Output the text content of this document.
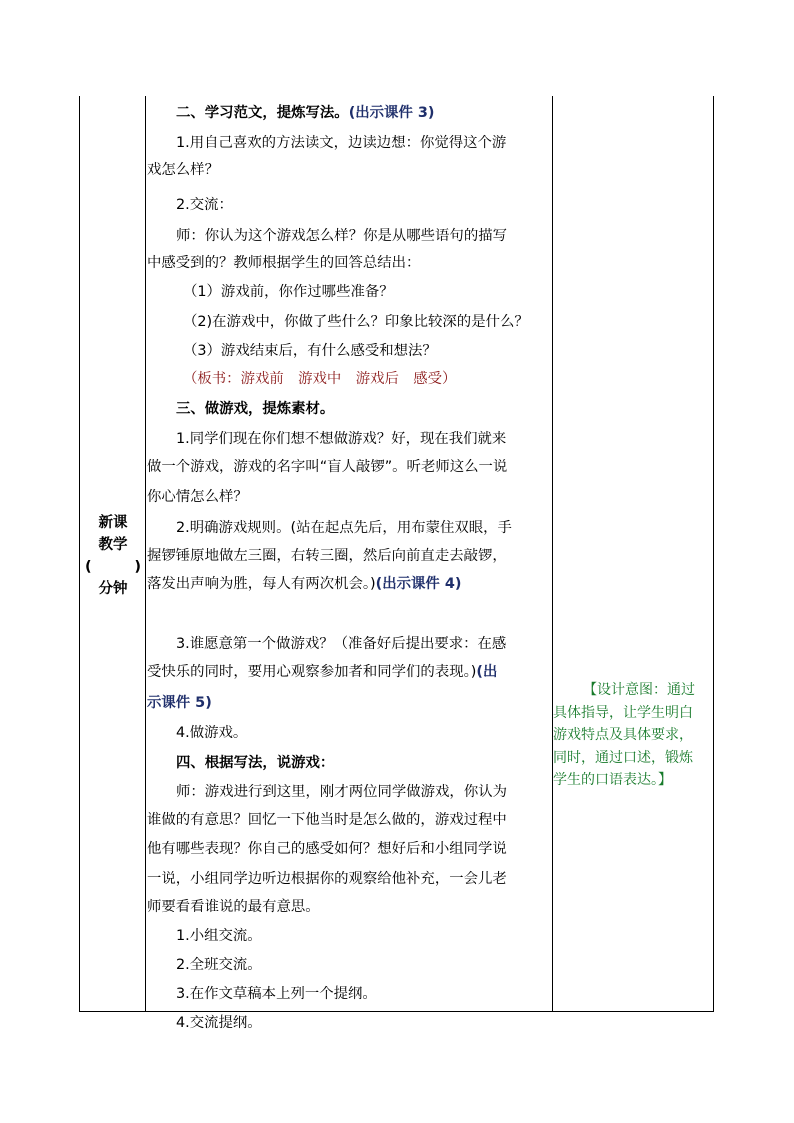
新课
教学
(	)
分钟
二、学习范文，提炼写法。(出示课件 3)
1.用自己喜欢的方法读文，边读边想：你觉得这个游
戏怎么样？
2.交流：
师：你认为这个游戏怎么样？你是从哪些语句的描写
中感受到的？教师根据学生的回答总结出：
（1）游戏前，你作过哪些准备？
（2)在游戏中，你做了些什么？印象比较深的是什么？
（3）游戏结束后，有什么感受和想法？
（板书：游戏前　游戏中　游戏后　感受）
三、做游戏，提炼素材。
1.同学们现在你们想不想做游戏？好，现在我们就来
做一个游戏，游戏的名字叫“盲人敲锣”。听老师这么一说
你心情怎么样？
2.明确游戏规则。(站在起点先后，用布蒙住双眼，手
握锣锤原地做左三圈，右转三圈，然后向前直走去敲锣，
落发出声响为胜，每人有两次机会。)(出示课件 4)
3.谁愿意第一个做游戏？（准备好后提出要求：在感
受快乐的同时，要用心观察参加者和同学们的表现。)(出
示课件 5)
4.做游戏。
四、根据写法，说游戏：
师：游戏进行到这里，刚才两位同学做游戏，你认为
谁做的有意思？回忆一下他当时是怎么做的，游戏过程中
他有哪些表现？你自己的感受如何？想好后和小组同学说
一说，小组同学边听边根据你的观察给他补充，一会儿老
师要看看谁说的最有意思。
1.小组交流。
2.全班交流。
3.在作文草稿本上列一个提纲。
4.交流提纲。
【设计意图：通过
具体指导，让学生明白
游戏特点及具体要求，
同时，通过口述，锻炼
学生的口语表达。】
